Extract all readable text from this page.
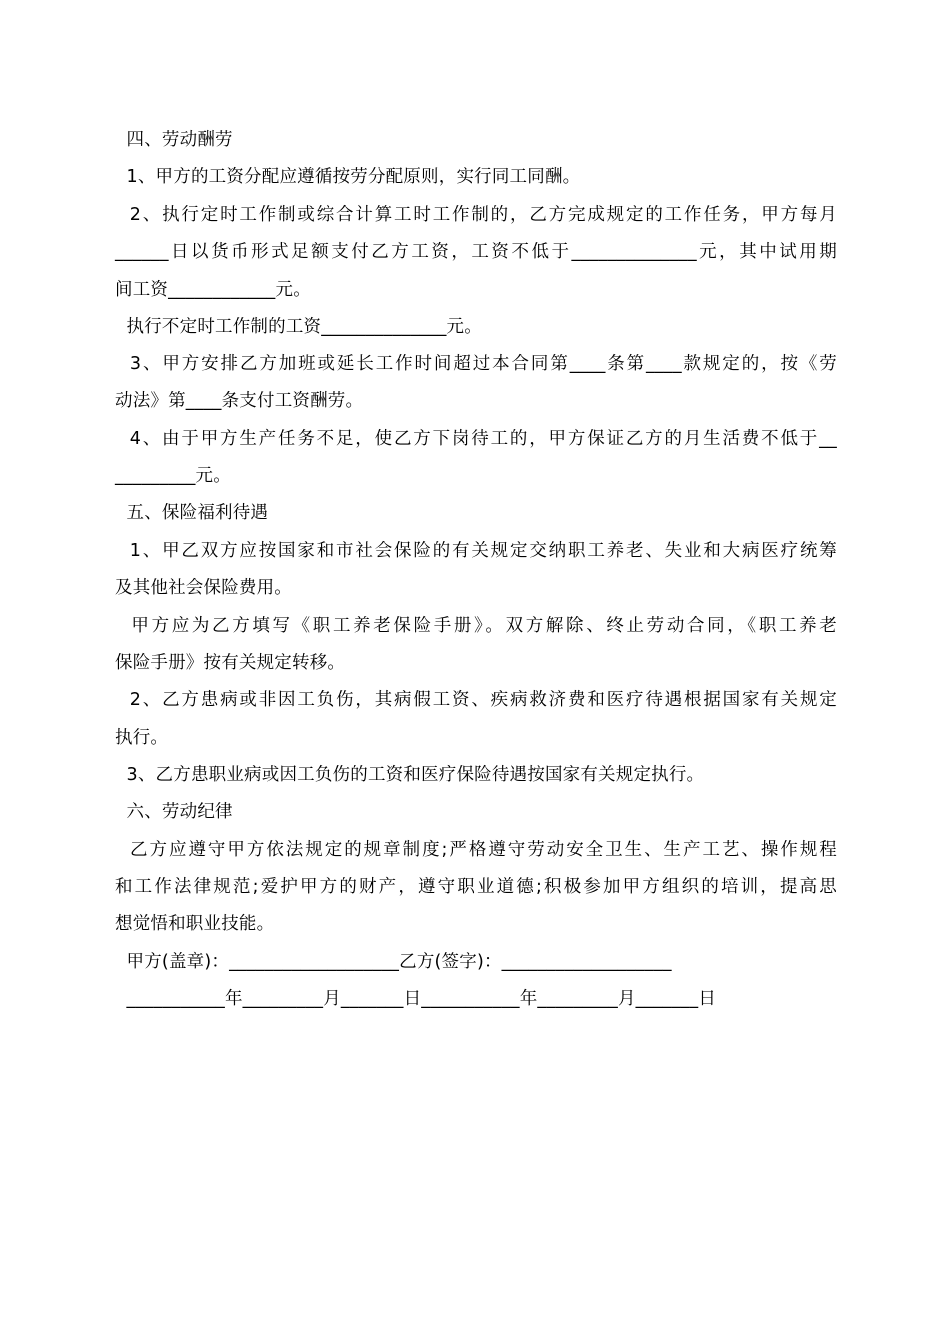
四、劳动酬劳
1、甲方的工资分配应遵循按劳分配原则，实行同工同酬。
2、执行定时工作制或综合计算工时工作制的，乙方完成规定的工作任务，甲方每月
______日以货币形式足额支付乙方工资，工资不低于______________元，其中试用期
间工资____________元。
执行不定时工作制的工资______________元。
3、甲方安排乙方加班或延长工作时间超过本合同第____条第____款规定的，按《劳
动法》第____条支付工资酬劳。
4、由于甲方生产任务不足，使乙方下岗待工的，甲方保证乙方的月生活费不低于__
_________元。
五、保险福利待遇
1、甲乙双方应按国家和市社会保险的有关规定交纳职工养老、失业和大病医疗统筹
及其他社会保险费用。
甲方应为乙方填写《职工养老保险手册》。双方解除、终止劳动合同，《职工养老
保险手册》按有关规定转移。
2、乙方患病或非因工负伤，其病假工资、疾病救济费和医疗待遇根据国家有关规定
执行。
3、乙方患职业病或因工负伤的工资和医疗保险待遇按国家有关规定执行。
六、劳动纪律
乙方应遵守甲方依法规定的规章制度;严格遵守劳动安全卫生、生产工艺、操作规程
和工作法律规范;爱护甲方的财产，遵守职业道德;积极参加甲方组织的培训，提高思
想觉悟和职业技能。
甲方(盖章)：___________________乙方(签字)：___________________
___________年_________月_______日___________年_________月_______日
